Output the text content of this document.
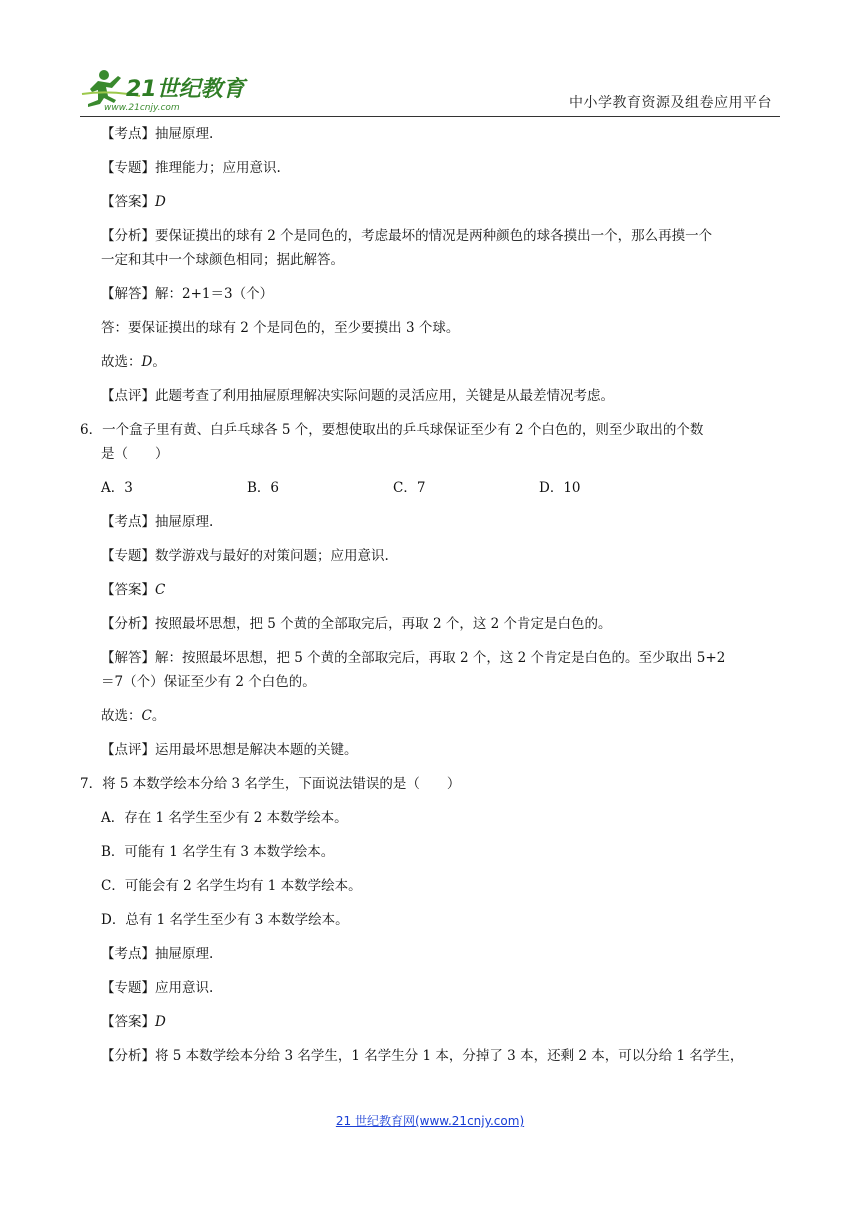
21世纪教育
www.21cnjy.com	中小学教育资源及组卷应用平台

【考点】抽屉原理.

【专题】推理能力；应用意识.

【答案】D

【分析】要保证摸出的球有 2 个是同色的，考虑最坏的情况是两种颜色的球各摸出一个，那么再摸一个

一定和其中一个球颜色相同；据此解答。

【解答】解：2+1＝3（个）

答：要保证摸出的球有 2 个是同色的，至少要摸出 3 个球。

故选：D。

【点评】此题考查了利用抽屉原理解决实际问题的灵活应用，关键是从最差情况考虑。

6．一个盒子里有黄、白乒乓球各 5 个，要想使取出的乒乓球保证至少有 2 个白色的，则至少取出的个数

是（　　）

A．3	B．6	C．7	D．10

【考点】抽屉原理.

【专题】数学游戏与最好的对策问题；应用意识.

【答案】C

【分析】按照最坏思想，把 5 个黄的全部取完后，再取 2 个，这 2 个肯定是白色的。

【解答】解：按照最坏思想，把 5 个黄的全部取完后，再取 2 个，这 2 个肯定是白色的。至少取出 5+2

＝7（个）保证至少有 2 个白色的。

故选：C。

【点评】运用最坏思想是解决本题的关键。

7．将 5 本数学绘本分给 3 名学生，下面说法错误的是（　　）

A．存在 1 名学生至少有 2 本数学绘本。

B．可能有 1 名学生有 3 本数学绘本。

C．可能会有 2 名学生均有 1 本数学绘本。

D．总有 1 名学生至少有 3 本数学绘本。

【考点】抽屉原理.

【专题】应用意识.

【答案】D

【分析】将 5 本数学绘本分给 3 名学生，1 名学生分 1 本，分掉了 3 本，还剩 2 本，可以分给 1 名学生，

21 世纪教育网(www.21cnjy.com)
